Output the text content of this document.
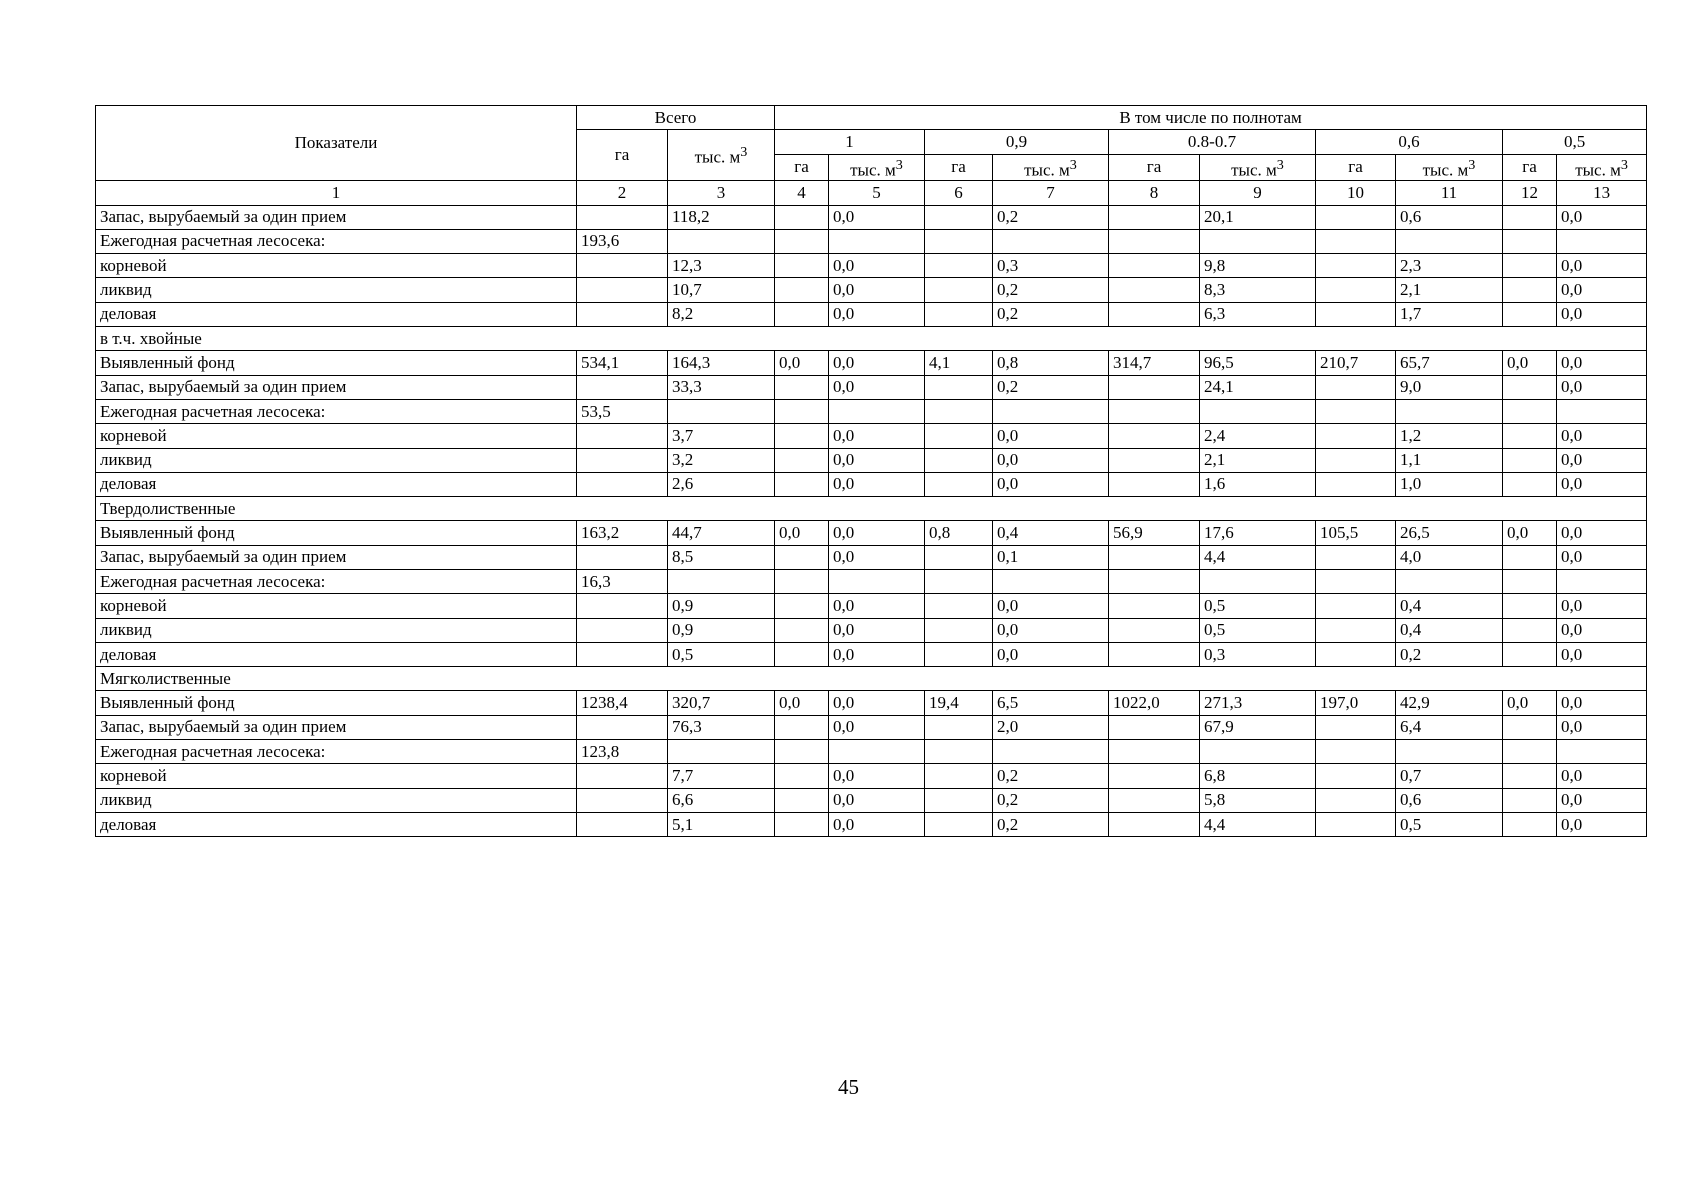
Показатели	Всего		В том числе по полнотам									
	га	тыс. $м^3$	1		0,9		0.8-0.7		0,6		0,5	
			га	тыс. $м^3$	га	тыс. $м^3$	га	тыс. $м^3$	га	тыс. $м^3$	га	тыс. $м^3$
1	2	3	4	5	6	7	8	9	10	11	12	13
Запас, вырубаемый за один прием		118,2		0,0		0,2		20,1		0,6		0,0
Ежегодная расчетная лесосека:	193,6											
корневой		12,3		0,0		0,3		9,8		2,3		0,0
ликвид		10,7		0,0		0,2		8,3		2,1		0,0
деловая		8,2		0,0		0,2		6,3		1,7		0,0
в т.ч. хвойные												
Выявленный фонд	534,1	164,3	0,0	0,0	4,1	0,8	314,7	96,5	210,7	65,7	0,0	0,0
Запас, вырубаемый за один прием		33,3		0,0		0,2		24,1		9,0		0,0
Ежегодная расчетная лесосека:	53,5											
корневой		3,7		0,0		0,0		2,4		1,2		0,0
ликвид		3,2		0,0		0,0		2,1		1,1		0,0
деловая		2,6		0,0		0,0		1,6		1,0		0,0
Твердолиственные												
Выявленный фонд	163,2	44,7	0,0	0,0	0,8	0,4	56,9	17,6	105,5	26,5	0,0	0,0
Запас, вырубаемый за один прием		8,5		0,0		0,1		4,4		4,0		0,0
Ежегодная расчетная лесосека:	16,3											
корневой		0,9		0,0		0,0		0,5		0,4		0,0
ликвид		0,9		0,0		0,0		0,5		0,4		0,0
деловая		0,5		0,0		0,0		0,3		0,2		0,0
Мягколиственные												
Выявленный фонд	1238,4	320,7	0,0	0,0	19,4	6,5	1022,0	271,3	197,0	42,9	0,0	0,0
Запас, вырубаемый за один прием		76,3		0,0		2,0		67,9		6,4		0,0
Ежегодная расчетная лесосека:	123,8											
корневой		7,7		0,0		0,2		6,8		0,7		0,0
ликвид		6,6		0,0		0,2		5,8		0,6		0,0
деловая		5,1		0,0		0,2		4,4		0,5		0,0
45
